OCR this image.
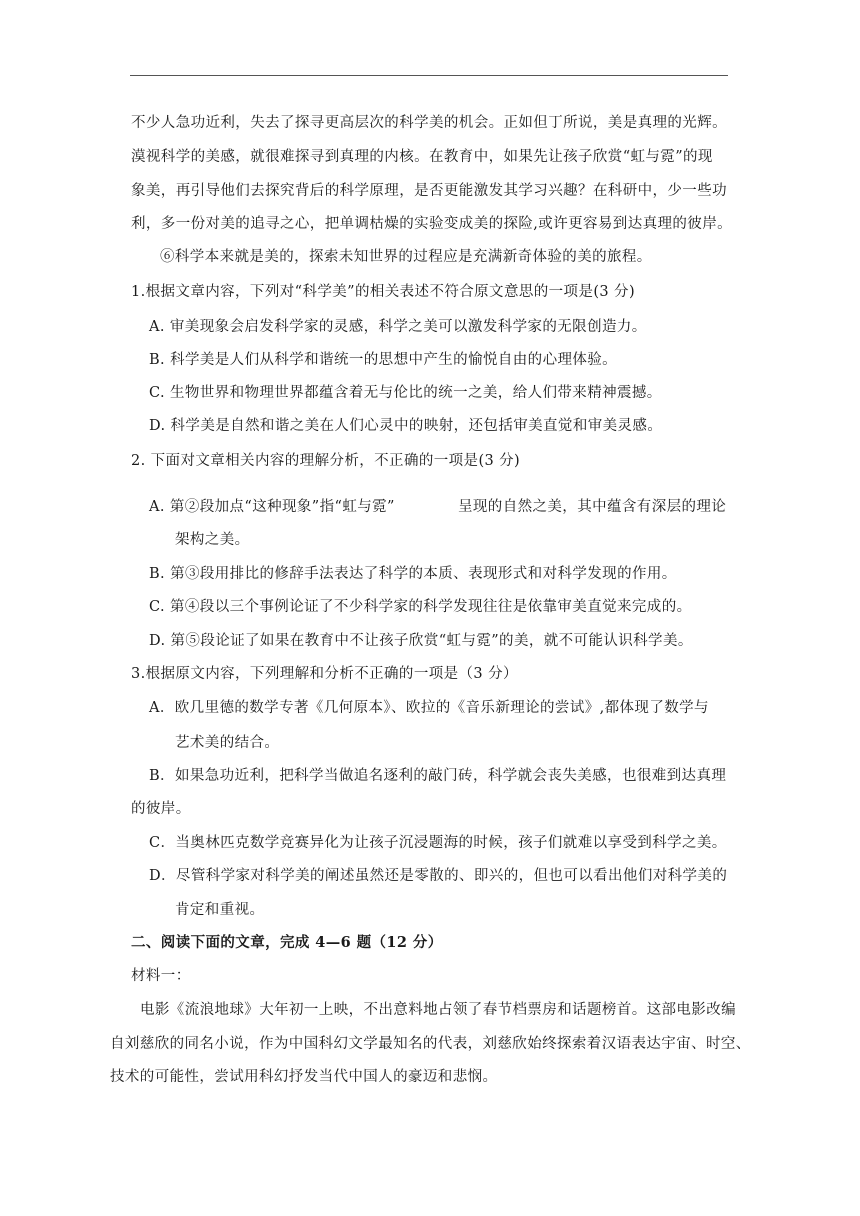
不少人急功近利，失去了探寻更高层次的科学美的机会。正如但丁所说，美是真理的光辉。
漠视科学的美感，就很难探寻到真理的内核。在教育中，如果先让孩子欣赏“虹与霓”的现
象美，再引导他们去探究背后的科学原理，是否更能激发其学习兴趣？在科研中，少一些功
利，多一份对美的追寻之心，把单调枯燥的实验变成美的探险,或许更容易到达真理的彼岸。
⑥科学本来就是美的，探索未知世界的过程应是充满新奇体验的美的旅程。
1.根据文章内容，下列对“科学美”的相关表述不符合原文意思的一项是(3 分)
A. 审美现象会启发科学家的灵感，科学之美可以激发科学家的无限创造力。
B. 科学美是人们从科学和谐统一的思想中产生的愉悦自由的心理体验。
C. 生物世界和物理世界都蕴含着无与伦比的统一之美，给人们带来精神震撼。
D. 科学美是自然和谐之美在人们心灵中的映射，还包括审美直觉和审美灵感。
2. 下面对文章相关内容的理解分析，不正确的一项是(3 分)
A. 第②段加点“这种现象”指“虹与霓”	呈现的自然之美，其中蕴含有深层的理论
架构之美。
B. 第③段用排比的修辞手法表达了科学的本质、表现形式和对科学发现的作用。
C. 第④段以三个事例论证了不少科学家的科学发现往往是依靠审美直觉来完成的。
D. 第⑤段论证了如果在教育中不让孩子欣赏“虹与霓”的美，就不可能认识科学美。
3.根据原文内容，下列理解和分析不正确的一项是（3 分）
A．欧几里德的数学专著《几何原本》、欧拉的《音乐新理论的尝试》,都体现了数学与
艺术美的结合。
B．如果急功近利，把科学当做追名逐利的敲门砖，科学就会丧失美感，也很难到达真理
的彼岸。
C．当奥林匹克数学竞赛异化为让孩子沉浸题海的时候，孩子们就难以享受到科学之美。
D．尽管科学家对科学美的阐述虽然还是零散的、即兴的，但也可以看出他们对科学美的
肯定和重视。
二、阅读下面的文章，完成 4—6 题（12 分）
材料一：
电影《流浪地球》大年初一上映，不出意料地占领了春节档票房和话题榜首。这部电影改编
自刘慈欣的同名小说，作为中国科幻文学最知名的代表，刘慈欣始终探索着汉语表达宇宙、时空、
技术的可能性，尝试用科幻抒发当代中国人的豪迈和悲悯。
